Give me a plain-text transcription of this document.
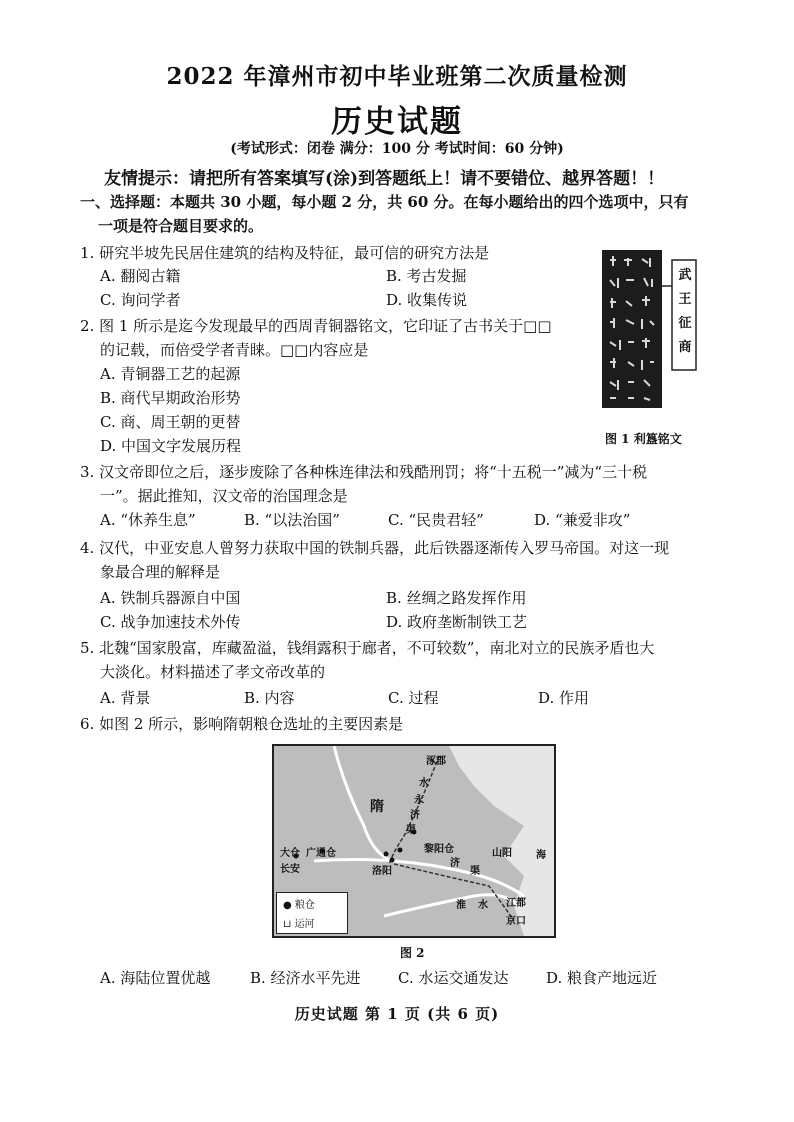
2022 年漳州市初中毕业班第二次质量检测
历史试题
(考试形式：闭卷 满分：100 分 考试时间：60 分钟)
友情提示：请把所有答案填写(涂)到答题纸上！请不要错位、越界答题！！
一、选择题：本题共 30 小题，每小题 2 分，共 60 分。在每小题给出的四个选项中，只有
一项是符合题目要求的。
1. 研究半坡先民居住建筑的结构及特征，最可信的研究方法是
A. 翻阅古籍	B. 考古发掘
C. 询问学者	D. 收集传说
2. 图 1 所示是迄今发现最早的西周青铜器铭文，它印证了古书关于□□
的记载，而倍受学者青睐。□□内容应是
A. 青铜器工艺的起源
B. 商代早期政治形势
C. 商、周王朝的更替
D. 中国文字发展历程
武
王
征
商
图 1 利簋铭文
3. 汉文帝即位之后，逐步废除了各种株连律法和残酷刑罚；将“十五税一”减为“三十税
一”。据此推知，汉文帝的治国理念是
A. “休养生息”	B. “以法治国”	C. “民贵君轻”	D. “兼爱非攻”
4. 汉代，中亚安息人曾努力获取中国的铁制兵器，此后铁器逐渐传入罗马帝国。对这一现
象最合理的解释是
A. 铁制兵器源自中国	B. 丝绸之路发挥作用
C. 战争加速技术外传	D. 政府垄断制铁工艺
5. 北魏“国家殷富，库藏盈溢，钱绢露积于廊者，不可较数”，南北对立的民族矛盾也大
大淡化。材料描述了孝文帝改革的
A. 背景	B. 内容	C. 过程	D. 作用
6. 如图 2 所示，影响隋朝粮仓选址的主要因素是
涿郡
水
永
济
渠
隋
黎阳仓
大仓
长安
广通仓
洛阳
济
渠
山阳
淮 水 江都
京口
海
● 粮仓
⊔ 运河
图 2
A. 海陆位置优越	B. 经济水平先进 C. 水运交通发达	D. 粮食产地远近
历史试题 第 1 页 (共 6 页)
